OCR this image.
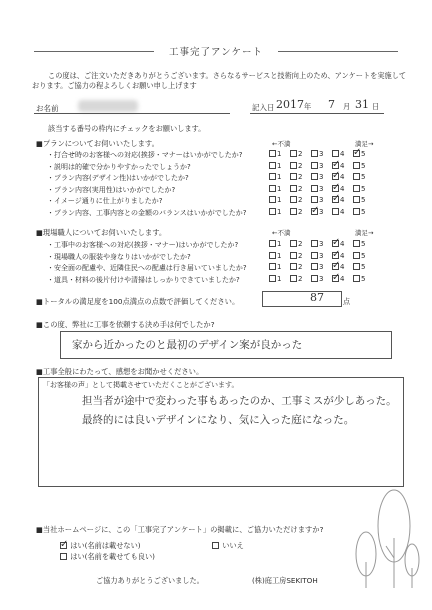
工事完了アンケート
この度は、ご注文いただきありがとうございます。さらなるサービスと技術向上のため、アンケートを実施して
おります。ご協力の程よろしくお願い申し上げます
お名前	記入日 2017 年 7 月 31 日
該当する番号の枠内にチェックをお願いします。
■プランについてお伺いいたします。	←不満	満足→
・打合せ時のお客様への対応(挨拶・マナーはいかがでしたか?	1	2	3	4 ✓ 5
・説明は的確で分かりやすかったでしょうか?	1	2	3 ✓ 4	5
・プラン内容(デザイン性)はいかがでしたか?	1	2	3 ✓ 4	5
・プラン内容(実用性)はいかがでしたか?	1	2	3 ✓ 4	5
・イメージ通りに仕上がりましたか?	1	2	3 ✓ 4	5
・プラン内容、工事内容との金額のバランスはいかがでしたか?	1	2 ✓ 3	4	5
■現場職人についてお伺いいたします。	←不満	満足→
・工事中のお客様への対応(挨拶・マナー)はいかがでしたか?	1	2	3 ✓ 4	5
・現場職人の服装や身なりはいかがでしたか?	1	2	3 ✓ 4	5
・安全面の配慮や、近隣住民への配慮は行き届いていましたか?	1	2	3 ✓ 4	5
・道具・材料の後片付けや清掃はしっかりできていましたか?	1	2	3 ✓ 4	5
■トータルの満足度を100点満点の点数で評価してください。	87	点
■この度、弊社に工事を依頼する決め手は何でしたか?
家から近かったのと最初のデザイン案が良かった
■工事全般にわたって、感想をお聞かせください。
「お客様の声」として掲載させていただくことがございます。
担当者が途中で変わった事もあったのか、工事ミスが少しあった。
最終的には良いデザインになり、気に入った庭になった。
■当社ホームページに、この「工事完了アンケート」の掲載に、ご協力いただけますか?
✓ はい(名前は載せない)
はい(名前を載せても良い)
いいえ
ご協力ありがとうございました。	(株)庭工房SEKITOH
